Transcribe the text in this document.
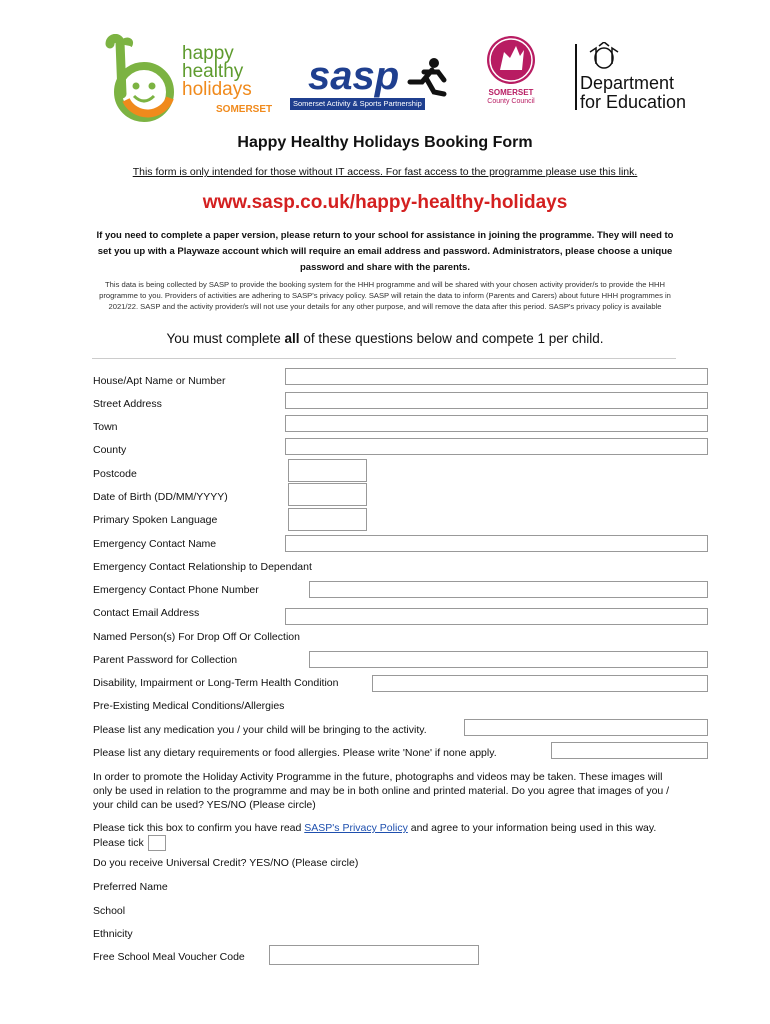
happy
healthy
holidays
SOMERSET
sasp
Somerset Activity & Sports Partnership
SOMERSET
County Council
Department
for Education
Happy Healthy Holidays Booking Form
This form is only intended for those without IT access. For fast access to the programme please use this link.
www.sasp.co.uk/happy-healthy-holidays
If you need to complete a paper version, please return to your school for assistance in joining the programme. They will need to set you up with a Playwaze account which will require an email address and password. Administrators, please choose a unique password and share with the parents.
This data is being collected by SASP to provide the booking system for the HHH programme and will be shared with your chosen activity provider/s to provide the HHH programme to you. Providers of activities are adhering to SASP's privacy policy. SASP will retain the data to inform (Parents and Carers) about future HHH programmes in 2021/22. SASP and the activity provider/s will not use your details for any other purpose, and will remove the data after this period. SASP's privacy policy is available
You must complete all of these questions below and compete 1 per child.
House/Apt Name or Number
Street Address
Town
County
Postcode
Date of Birth (DD/MM/YYYY)
Primary Spoken Language
Emergency Contact Name
Emergency Contact Relationship to Dependant
Emergency Contact Phone Number
Contact Email Address
Named Person(s) For Drop Off Or Collection
Parent Password for Collection
Disability, Impairment or Long-Term Health Condition
Pre-Existing Medical Conditions/Allergies
Please list any medication you / your child will be bringing to the activity.
Please list any dietary requirements or food allergies. Please write 'None' if none apply.
In order to promote the Holiday Activity Programme in the future, photographs and videos may be taken. These images will only be used in relation to the programme and may be in both online and printed material. Do you agree that images of you / your child can be used? YES/NO (Please circle)
Please tick this box to confirm you have read SASP's Privacy Policy and agree to your information being used in this way. Please tick
Do you receive Universal Credit? YES/NO (Please circle)
Preferred Name
School
Ethnicity
Free School Meal Voucher Code
